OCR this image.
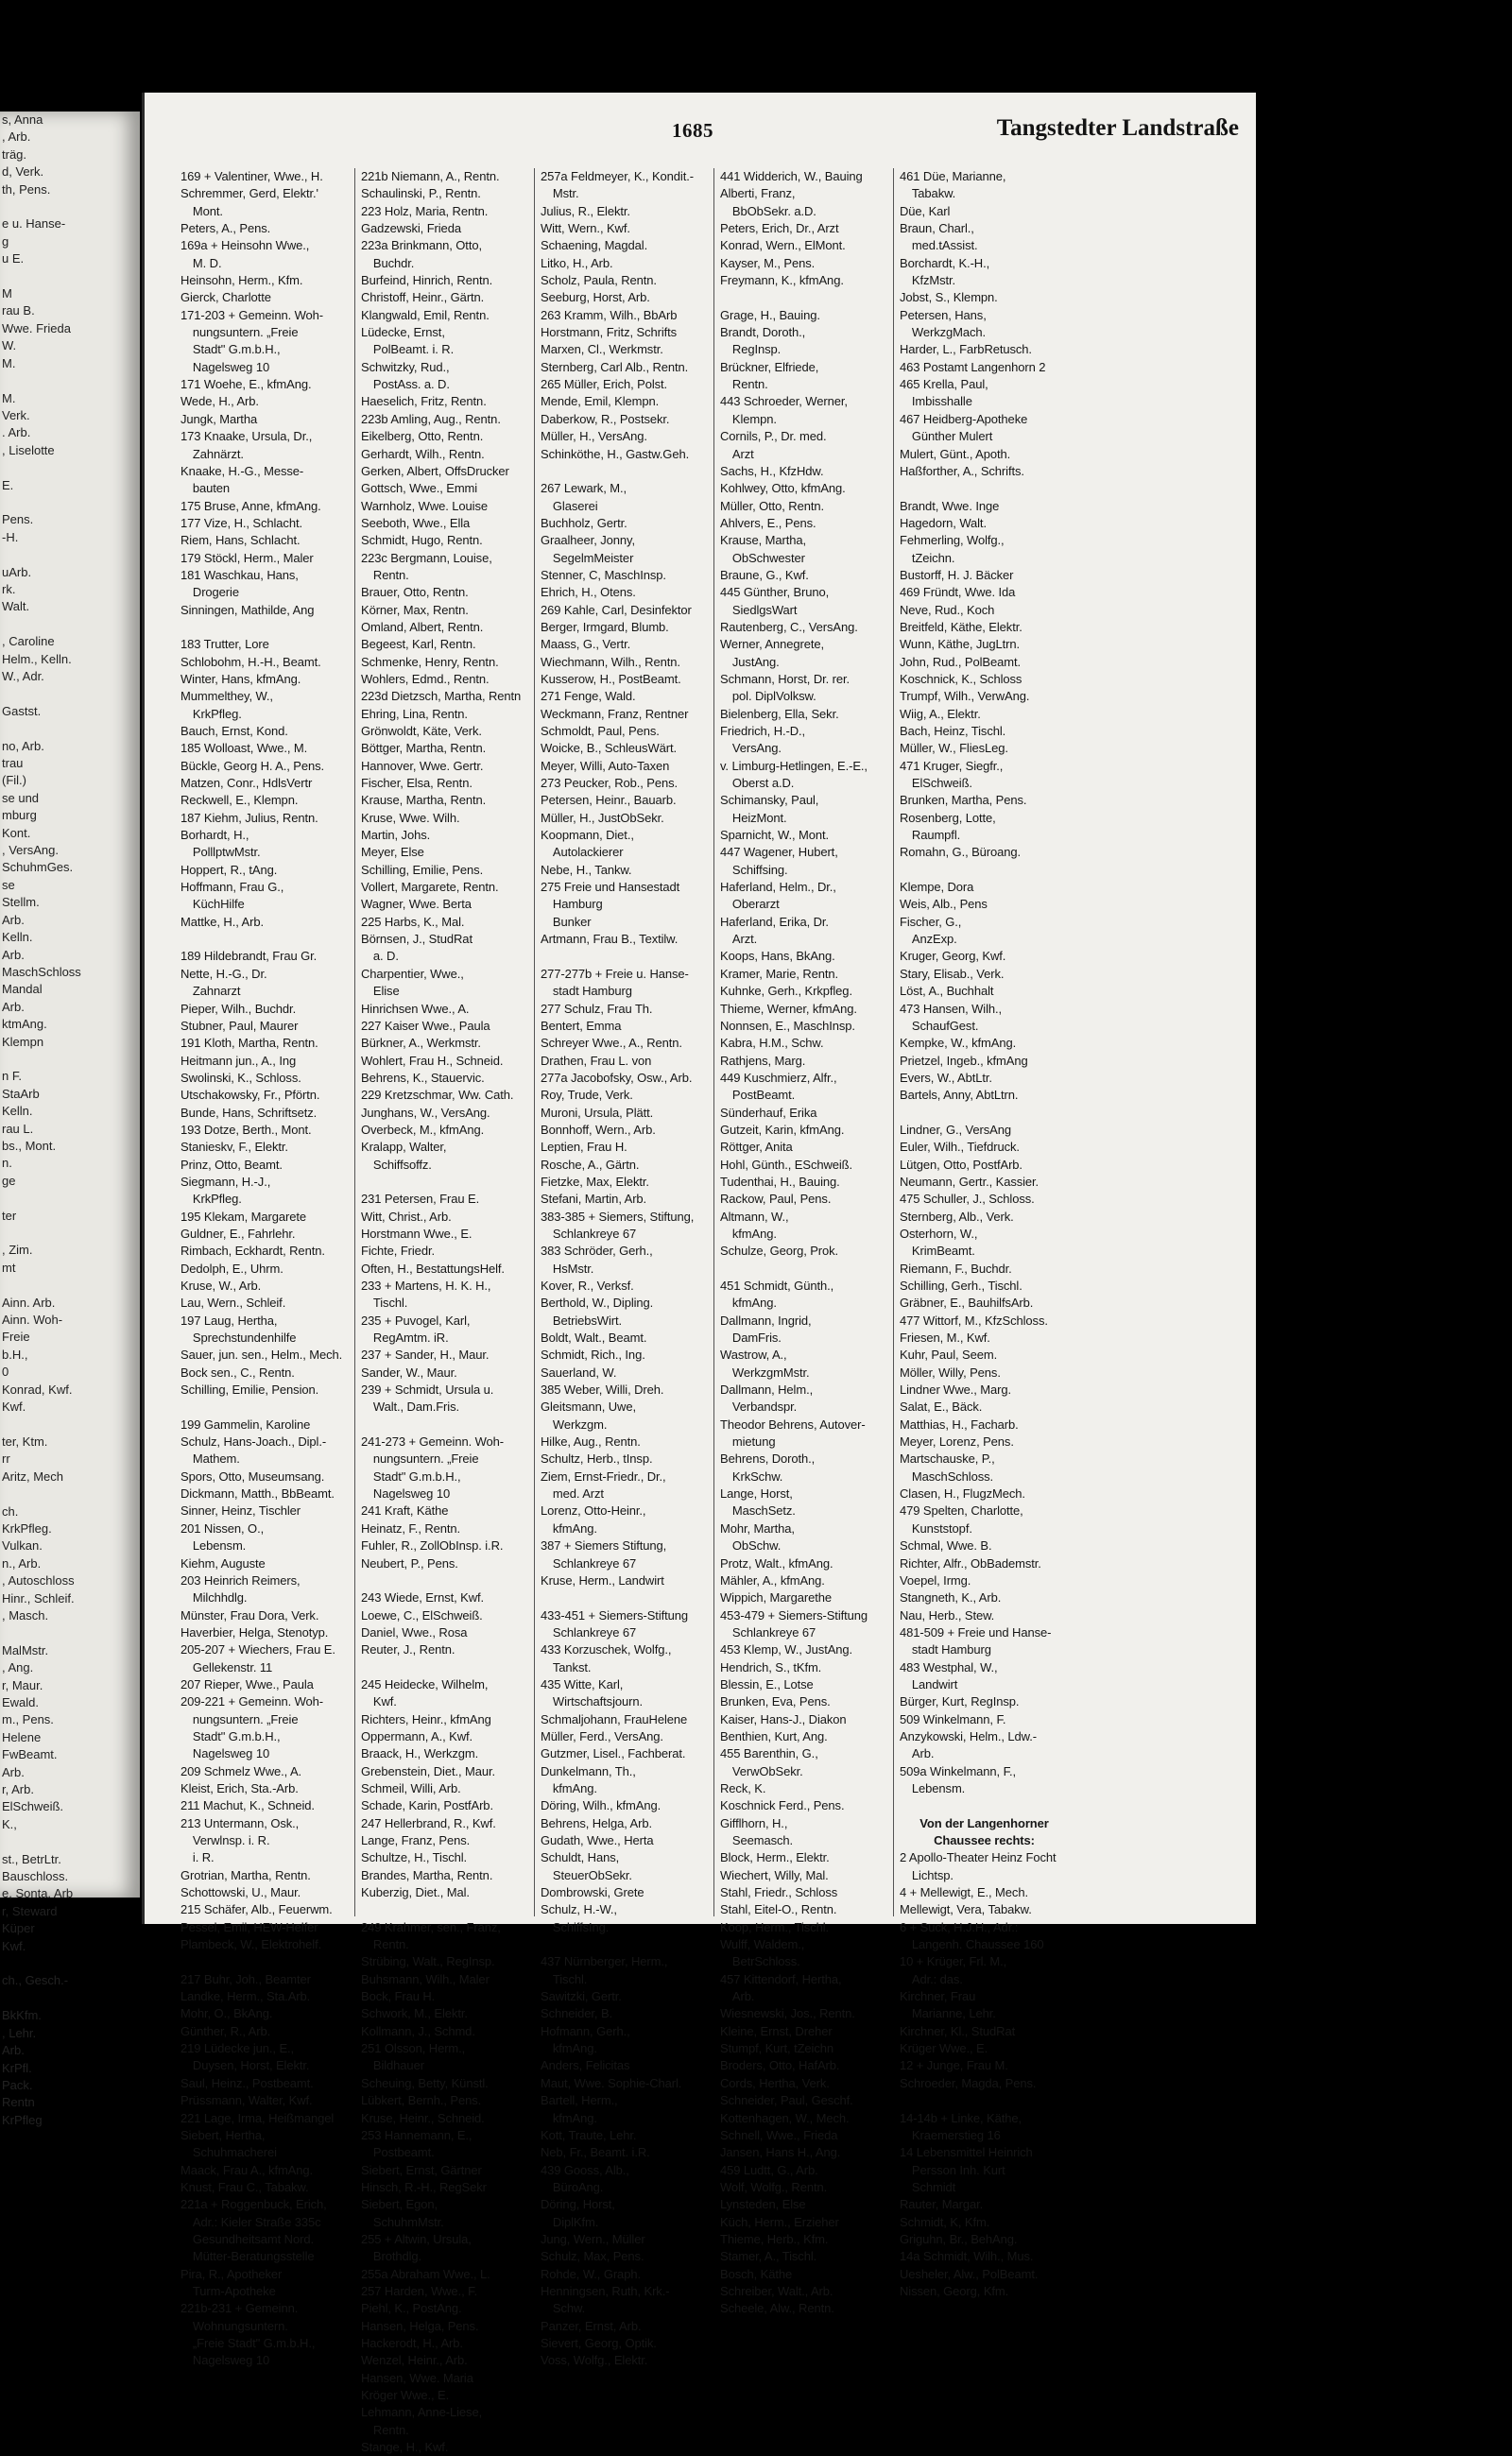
s, Anna
, Arb.
träg.
d, Verk.
th, Pens.

e u. Hanse-
g
u E.

M
rau B.
Wwe. Frieda
W.
M.

M.
Verk.
. Arb.
, Liselotte

E.

Pens.
-H.

uArb.
rk.
Walt.

, Caroline
Helm., Kelln.
W., Adr.

Gastst.

no, Arb.
trau
(Fil.)
se und
mburg
Kont.
, VersAng.
SchuhmGes.
se
Stellm.
Arb.
Kelln.
Arb.
MaschSchloss
Mandal
Arb.
ktmAng.
Klempn

n F.
StaArb
Kelln.
rau L.
bs., Mont.
n.
ge

ter

, Zim.
mt

Ainn. Arb.
Ainn. Woh-
Freie
b.H.,
0
Konrad, Kwf.
Kwf.

ter, Ktm.
rr
Aritz, Mech

ch.
KrkPfleg.
Vulkan.
n., Arb.
, Autoschloss
Hinr., Schleif.
, Masch.

MalMstr.
, Ang.
r, Maur.
Ewald.
m., Pens.
Helene
FwBeamt.
Arb.
r, Arb.
ElSchweiß.
K.,

st., BetrLtr.
Bauschloss.
e, Sonta. Arb
r, Steward
Küper
Kwf.

ch., Gesch.-

BkKfm.
, Lehr.
Arb.
KrPfl.
Pack.
Rentn
KrPfleg
1685	Tangstedter Landstraße
169 + Valentiner, Wwe., H.
Schremmer, Gerd, Elektr.'
 Mont.
Peters, A., Pens.
169a + Heinsohn Wwe.,
 M. D.
Heinsohn, Herm., Kfm.
Gierck, Charlotte
171-203 + Gemeinn. Woh-
 nungsuntern. „Freie
 Stadt" G.m.b.H.,
 Nagelsweg 10
171 Woehe, E., kfmAng.
Wede, H., Arb.
Jungk, Martha
173 Knaake, Ursula, Dr.,
 Zahnärzt.
Knaake, H.-G., Messe-
 bauten
175 Bruse, Anne, kfmAng.
177 Vize, H., Schlacht.
Riem, Hans, Schlacht.
179 Stöckl, Herm., Maler
181 Waschkau, Hans,
 Drogerie
Sinningen, Mathilde, Ang

183 Trutter, Lore
Schlobohm, H.-H., Beamt.
Winter, Hans, kfmAng.
Mummelthey, W.,
 KrkPfleg.
Bauch, Ernst, Kond.
185 Wolloast, Wwe., M.
Bückle, Georg H. A., Pens.
Matzen, Conr., HdlsVertr
Reckwell, E., Klempn.
187 Kiehm, Julius, Rentn.
Borhardt, H.,
 PolllptwMstr.
Hoppert, R., tAng.
Hoffmann, Frau G.,
 KüchHilfe
Mattke, H., Arb.

189 Hildebrandt, Frau Gr.
Nette, H.-G., Dr.
 Zahnarzt
Pieper, Wilh., Buchdr.
Stubner, Paul, Maurer
191 Kloth, Martha, Rentn.
Heitmann jun., A., Ing
Swolinski, K., Schloss.
Utschakowsky, Fr., Pförtn.
Bunde, Hans, Schriftsetz.
193 Dotze, Berth., Mont.
Stanieskv, F., Elektr.
Prinz, Otto, Beamt.
Siegmann, H.-J.,
 KrkPfleg.
195 Klekam, Margarete
Guldner, E., Fahrlehr.
Rimbach, Eckhardt, Rentn.
Dedolph, E., Uhrm.
Kruse, W., Arb.
Lau, Wern., Schleif.
197 Laug, Hertha,
 Sprechstundenhilfe
Sauer, jun. sen., Helm., Mech.
Bock sen., C., Rentn.
Schilling, Emilie, Pension.

199 Gammelin, Karoline
Schulz, Hans-Joach., Dipl.-
 Mathem.
Spors, Otto, Museumsang.
Dickmann, Matth., BbBeamt.
Sinner, Heinz, Tischler
201 Nissen, O.,
 Lebensm.
Kiehm, Auguste
203 Heinrich Reimers,
 Milchhdlg.
Münster, Frau Dora, Verk.
Haverbier, Helga, Stenotyp.
205-207 + Wiechers, Frau E.
 Gellekenstr. 11
207 Rieper, Wwe., Paula
209-221 + Gemeinn. Woh-
 nungsuntern. „Freie
 Stadt" G.m.b.H.,
 Nagelsweg 10
209 Schmelz Wwe., A.
Kleist, Erich, Sta.-Arb.
211 Machut, K., Schneid.
213 Untermann, Osk.,
 Verwlnsp. i. R.
 i. R.
Grotrian, Martha, Rentn.
Schottowski, U., Maur.
215 Schäfer, Alb., Feuerwm.
Pessel, Emil, HEW-Helfer
Plambeck, W., Elektrohelf.

217 Buhr, Joh., Beamter
Landke, Herm., Sta.Arb.
Mohr, O., BkAng.
Günther, R., Arb.
219 Lüdecke jun., E.,
 Duysen, Horst, Elektr.
Saul, Heinz., Postbeamt.
Prüssmann, Walter, Kwf.
221 Lage, Irma, Heißmangel
Siebert, Hertha,
 Schuhmacherei
Maack, Frau A., kfmAng.
Knust, Frau C., Tabakw.
221a + Roggenbuck, Erich,
 Adr.: Kieler Straße 335c
 Gesundheitsamt Nord.
 Mütter-Beratungsstelle
Pira, R., Apotheker
 Turm-Apotheke
221b-231 + Gemeinn.
 Wohnungsuntern.
 „Freie Stadt" G.m.b.H.,
 Nagelsweg 10
221b Niemann, A., Rentn.
Schaulinski, P., Rentn.
223 Holz, Maria, Rentn.
Gadzewski, Frieda
223a Brinkmann, Otto,
 Buchdr.
Burfeind, Hinrich, Rentn.
Christoff, Heinr., Gärtn.
Klangwald, Emil, Rentn.
Lüdecke, Ernst,
 PolBeamt. i. R.
Schwitzky, Rud.,
 PostAss. a. D.
Haeselich, Fritz, Rentn.
223b Amling, Aug., Rentn.
Eikelberg, Otto, Rentn.
Gerhardt, Wilh., Rentn.
Gerken, Albert, OffsDrucker
Gottsch, Wwe., Emmi
Warnholz, Wwe. Louise
Seeboth, Wwe., Ella
Schmidt, Hugo, Rentn.
223c Bergmann, Louise,
 Rentn.
Brauer, Otto, Rentn.
Körner, Max, Rentn.
Omland, Albert, Rentn.
Begeest, Karl, Rentn.
Schmenke, Henry, Rentn.
Wohlers, Edmd., Rentn.
223d Dietzsch, Martha, Rentn
Ehring, Lina, Rentn.
Grönwoldt, Käte, Verk.
Böttger, Martha, Rentn.
Hannover, Wwe. Gertr.
Fischer, Elsa, Rentn.
Krause, Martha, Rentn.
Kruse, Wwe. Wilh.
Martin, Johs.
Meyer, Else
Schilling, Emilie, Pens.
Vollert, Margarete, Rentn.
Wagner, Wwe. Berta
225 Harbs, K., Mal.
Börnsen, J., StudRat
 a. D.
Charpentier, Wwe.,
 Elise
Hinrichsen Wwe., A.
227 Kaiser Wwe., Paula
Bürkner, A., Werkmstr.
Wohlert, Frau H., Schneid.
Behrens, K., Stauervic.
229 Kretzschmar, Ww. Cath.
Junghans, W., VersAng.
Overbeck, M., kfmAng.
Kralapp, Walter,
 Schiffsoffz.

231 Petersen, Frau E.
Witt, Christ., Arb.
Horstmann Wwe., E.
Fichte, Friedr.
Often, H., BestattungsHelf.
233 + Martens, H. K. H.,
 Tischl.
235 + Puvogel, Karl,
 RegAmtm. iR.
237 + Sander, H., Maur.
Sander, W., Maur.
239 + Schmidt, Ursula u.
 Walt., Dam.Fris.

241-273 + Gemeinn. Woh-
 nungsuntern. „Freie
 Stadt" G.m.b.H.,
 Nagelsweg 10
241 Kraft, Käthe
Heinatz, F., Rentn.
Fuhler, R., ZollObInsp. i.R.
Neubert, P., Pens.

243 Wiede, Ernst, Kwf.
Loewe, C., ElSchweiß.
Daniel, Wwe., Rosa
Reuter, J., Rentn.

245 Heidecke, Wilhelm,
 Kwf.
Richters, Heinr., kfmAng
Oppermann, A., Kwf.
Braack, H., Werkzgm.
Grebenstein, Diet., Maur.
Schmeil, Willi, Arb.
Schade, Karin, PostfArb.
247 Hellerbrand, R., Kwf.
Lange, Franz, Pens.
Schultze, H., Tischl.
Brandes, Martha, Rentn.
Kuberzig, Diet., Mal.

249 Krahmer, sen., Franz,
 Rentn.
Strübing, Walt., RegInsp.
Buhsmann, Wilh., Maler
Bock, Frau H.
Schwork, M., Elektr.
Kollmann, J., Schmd.
251 Olsson, Herm.,
 Bildhauer
Scheuing, Betty, Künstl.
Lübkert, Bernh., Pens.
Kruse, Heinr., Schneid.
253 Hannemann, E.,
 Postbeamt.
Siebert, Ernst, Gärtner
Hinsch, R.-H., RegSekr
Siebert, Egon,
 SchuhmMstr.
255 + Altwin, Ursula,
 Brothdlg.
255a Abraham Wwe., L.
257 Harden, Wwe., F.
Piehl, K., PostAng.
Hansen, Helga, Pens.
Hackerodt, H., Arb.
Wenzel, Heinr., Arb.
Hansen, Wwe. Maria
Kröger Wwe., E.
Lehmann, Anne-Liese,
 Rentn.
Stange, H., Kwf.
257a Feldmeyer, K., Kondit.-
 Mstr.
Julius, R., Elektr.
Witt, Wern., Kwf.
Schaening, Magdal.
Litko, H., Arb.
Scholz, Paula, Rentn.
Seeburg, Horst, Arb.
263 Kramm, Wilh., BbArb
Horstmann, Fritz, Schrifts
Marxen, Cl., Werkmstr.
Sternberg, Carl Alb., Rentn.
265 Müller, Erich, Polst.
Mende, Emil, Klempn.
Daberkow, R., Postsekr.
Müller, H., VersAng.
Schinköthe, H., Gastw.Geh.

267 Lewark, M.,
 Glaserei
Buchholz, Gertr.
Graalheer, Jonny,
 SegelmMeister
Stenner, C, MaschInsp.
Ehrich, H., Otens.
269 Kahle, Carl, Desinfektor
Berger, Irmgard, Blumb.
Maass, G., Vertr.
Wiechmann, Wilh., Rentn.
Kusserow, H., PostBeamt.
271 Fenge, Wald.
Weckmann, Franz, Rentner
Schmoldt, Paul, Pens.
Woicke, B., SchleusWärt.
Meyer, Willi, Auto-Taxen
273 Peucker, Rob., Pens.
Petersen, Heinr., Bauarb.
Müller, H., JustObSekr.
Koopmann, Diet.,
 Autolackierer
Nebe, H., Tankw.
275 Freie und Hansestadt
 Hamburg
 Bunker
Artmann, Frau B., Textilw.

277-277b + Freie u. Hanse-
 stadt Hamburg
277 Schulz, Frau Th.
Bentert, Emma
Schreyer Wwe., A., Rentn.
Drathen, Frau L. von
277a Jacobofsky, Osw., Arb.
Roy, Trude, Verk.
Muroni, Ursula, Plätt.
Bonnhoff, Wern., Arb.
Leptien, Frau H.
Rosche, A., Gärtn.
Fietzke, Max, Elektr.
Stefani, Martin, Arb.
383-385 + Siemers, Stiftung,
 Schlankreye 67
383 Schröder, Gerh.,
 HsMstr.
Kover, R., Verksf.
Berthold, W., Dipling.
 BetriebsWirt.
Boldt, Walt., Beamt.
Schmidt, Rich., Ing.
Sauerland, W.
385 Weber, Willi, Dreh.
Gleitsmann, Uwe,
 Werkzgm.
Hilke, Aug., Rentn.
Schultz, Herb., tInsp.
Ziem, Ernst-Friedr., Dr.,
 med. Arzt
Lorenz, Otto-Heinr.,
 kfmAng.
387 + Siemers Stiftung,
 Schlankreye 67
Kruse, Herm., Landwirt

433-451 + Siemers-Stiftung
 Schlankreye 67
433 Korzuschek, Wolfg.,
 Tankst.
435 Witte, Karl,
 Wirtschaftsjourn.
Schmaljohann, FrauHelene
Müller, Ferd., VersAng.
Gutzmer, Lisel., Fachberat.
Dunkelmann, Th.,
 kfmAng.
Döring, Wilh., kfmAng.
Behrens, Helga, Arb.
Gudath, Wwe., Herta
Schuldt, Hans,
 SteuerObSekr.
Dombrowski, Grete
Schulz, H.-W.,
 SchiffsIng.

437 Nürnberger, Herm.,
 Tischl.
Sawitzki, Gertr.
Schneider, B.
Hofmann, Gerh.,
 kfmAng.
Anders, Felicitas
Maut, Wwe. Sophie-Charl.
Bartell, Herm.,
 kfmAng.
Kott, Traute, Lehr.
Neb, Fr., Beamt. i.R.
439 Gooss, Alb.,
 BüroAng.
Döring, Horst,
 DiplKfm.
Jung, Wern., Müller
Schulz, Max, Pens.
Rohde, W., Graph.
Henningsen, Ruth, Krk.-
 Schw.
Panzer, Ernst, Arb.
Sievert, Georg, Optik.
Voss, Wolfg., Elektr.
441 Widderich, W., Bauing
Alberti, Franz,
 BbObSekr. a.D.
Peters, Erich, Dr., Arzt
Konrad, Wern., ElMont.
Kayser, M., Pens.
Freymann, K., kfmAng.

Grage, H., Bauing.
Brandt, Doroth.,
 RegInsp.
Brückner, Elfriede,
 Rentn.
443 Schroeder, Werner,
 Klempn.
Cornils, P., Dr. med.
 Arzt
Sachs, H., KfzHdw.
Kohlwey, Otto, kfmAng.
Müller, Otto, Rentn.
Ahlvers, E., Pens.
Krause, Martha,
 ObSchwester
Braune, G., Kwf.
445 Günther, Bruno,
 SiedlgsWart
Rautenberg, C., VersAng.
Werner, Annegrete,
 JustAng.
Schmann, Horst, Dr. rer.
 pol. DiplVolksw.
Bielenberg, Ella, Sekr.
Friedrich, H.-D.,
 VersAng.
v. Limburg-Hetlingen, E.-E.,
 Oberst a.D.
Schimansky, Paul,
 HeizMont.
Sparnicht, W., Mont.
447 Wagener, Hubert,
 Schiffsing.
Haferland, Helm., Dr.,
 Oberarzt
Haferland, Erika, Dr.
 Arzt.
Koops, Hans, BkAng.
Kramer, Marie, Rentn.
Kuhnke, Gerh., Krkpfleg.
Thieme, Werner, kfmAng.
Nonnsen, E., MaschInsp.
Kabra, H.M., Schw.
Rathjens, Marg.
449 Kuschmierz, Alfr.,
 PostBeamt.
Sünderhauf, Erika
Gutzeit, Karin, kfmAng.
Röttger, Anita
Hohl, Günth., ESchweiß.
Tudenthai, H., Bauing.
Rackow, Paul, Pens.
Altmann, W.,
 kfmAng.
Schulze, Georg, Prok.

451 Schmidt, Günth.,
 kfmAng.
Dallmann, Ingrid,
 DamFris.
Wastrow, A.,
 WerkzgmMstr.
Dallmann, Helm.,
 Verbandspr.
Theodor Behrens, Autover-
 mietung
Behrens, Doroth.,
 KrkSchw.
Lange, Horst,
 MaschSetz.
Mohr, Martha,
 ObSchw.
Protz, Walt., kfmAng.
Mähler, A., kfmAng.
Wippich, Margarethe
453-479 + Siemers-Stiftung
 Schlankreye 67
453 Klemp, W., JustAng.
Hendrich, S., tKfm.
Blessin, E., Lotse
Brunken, Eva, Pens.
Kaiser, Hans-J., Diakon
Benthien, Kurt, Ang.
455 Barenthin, G.,
 VerwObSekr.
Reck, K.
Koschnick Ferd., Pens.
Gifflhorn, H.,
 Seemasch.
Block, Herm., Elektr.
Wiechert, Willy, Mal.
Stahl, Friedr., Schloss
Stahl, Eitel-O., Rentn.
Koop, Herm., Tischl.
Wulff, Waldem.,
 BetrSchloss.
457 Kittendorf, Hertha,
 Arb.
Wiesnewski, Jos., Rentn.
Kleine, Ernst, Dreher
Stumpf, Kurt, tZeichn
Broders, Otto, HafArb.
Cords, Hertha, Verk.
Schneider, Paul, Geschf.
Kottenhagen, W., Mech.
Schnell, Wwe., Frieda
Jansen, Hans H., Ang.
459 Ludtt, G., Arb.
Wolf, Wolfg., Rentn.
Lynsteden, Else
Küch, Herm., Erzieher
Thieme, Herb., Kfm.
Stamer, A., Tischl.
Bosch, Käthe
Schreiber, Walt., Arb.
Scheele, Alw., Rentn.
461 Düe, Marianne,
 Tabakw.
Düe, Karl
Braun, Charl.,
 med.tAssist.
Borchardt, K.-H.,
 KfzMstr.
Jobst, S., Klempn.
Petersen, Hans,
 WerkzgMach.
Harder, L., FarbRetusch.
463 Postamt Langenhorn 2
465 Krella, Paul,
 Imbisshalle
467 Heidberg-Apotheke
 Günther Mulert
Mulert, Günt., Apoth.
Haßforther, A., Schrifts.

Brandt, Wwe. Inge
Hagedorn, Walt.
Fehmerling, Wolfg.,
 tZeichn.
Bustorff, H. J. Bäcker
469 Fründt, Wwe. Ida
Neve, Rud., Koch
Breitfeld, Käthe, Elektr.
Wunn, Käthe, JugLtrn.
John, Rud., PolBeamt.
Koschnick, K., Schloss
Trumpf, Wilh., VerwAng.
Wiig, A., Elektr.
Bach, Heinz, Tischl.
Müller, W., FliesLeg.
471 Kruger, Siegfr.,
 ElSchweiß.
Brunken, Martha, Pens.
Rosenberg, Lotte,
 Raumpfl.
Romahn, G., Büroang.

Klempe, Dora
Weis, Alb., Pens
Fischer, G.,
 AnzExp.
Kruger, Georg, Kwf.
Stary, Elisab., Verk.
Löst, A., Buchhalt
473 Hansen, Wilh.,
 SchaufGest.
Kempke, W., kfmAng.
Prietzel, Ingeb., kfmAng
Evers, W., AbtLtr.
Bartels, Anny, AbtLtrn.

Lindner, G., VersAng
Euler, Wilh., Tiefdruck.
Lütgen, Otto, PostfArb.
Neumann, Gertr., Kassier.
475 Schuller, J., Schloss.
Sternberg, Alb., Verk.
Osterhorn, W.,
 KrimBeamt.
Riemann, F., Buchdr.
Schilling, Gerh., Tischl.
Gräbner, E., BauhilfsArb.
477 Wittorf, M., KfzSchloss.
Friesen, M., Kwf.
Kuhr, Paul, Seem.
Möller, Willy, Pens.
Lindner Wwe., Marg.
Salat, E., Bäck.
Matthias, H., Facharb.
Meyer, Lorenz, Pens.
Martschauske, P.,
 MaschSchloss.
Clasen, H., FlugzMech.
479 Spelten, Charlotte,
 Kunststopf.
Schmal, Wwe. B.
Richter, Alfr., ObBademstr.
Voepel, Irmg.
Stangneth, K., Arb.
Nau, Herb., Stew.
481-509 + Freie und Hanse-
 stadt Hamburg
483 Westphal, W.,
 Landwirt
Bürger, Kurt, RegInsp.
509 Winkelmann, F.
Anzykowski, Helm., Ldw.-
 Arb.
509a Winkelmann, F.,
 Lebensm.

Von der Langenhorner
Chaussee rechts:
2 Apollo-Theater Heinz Focht
 Lichtsp.
4 + Mellewigt, E., Mech.
Mellewigt, Vera, Tabakw.
6 + Suck, H.J.H., Adr.:
 Langenh. Chaussee 160
10 + Krüger, Frl. M.,
 Adr.: das.
Kirchner, Frau
 Marianne, Lehr.
Kirchner, Kl., StudRat
Krüger Wwe., E.
12 + Junge, Frau M.
Schroeder, Magda, Pens.

14-14b + Linke, Käthe,
 Kraemerstieg 16
14 Lebensmittel Heinrich
 Persson Inh. Kurt
 Schmidt
Rauter, Margar.
Schmidt, K, Kfm.
Griguhn, Br., BehAng.
14a Schmidt, Wilh., Mus.
Uesheler, Alw., PolBeamt.
Nissen, Georg, Kfm.
